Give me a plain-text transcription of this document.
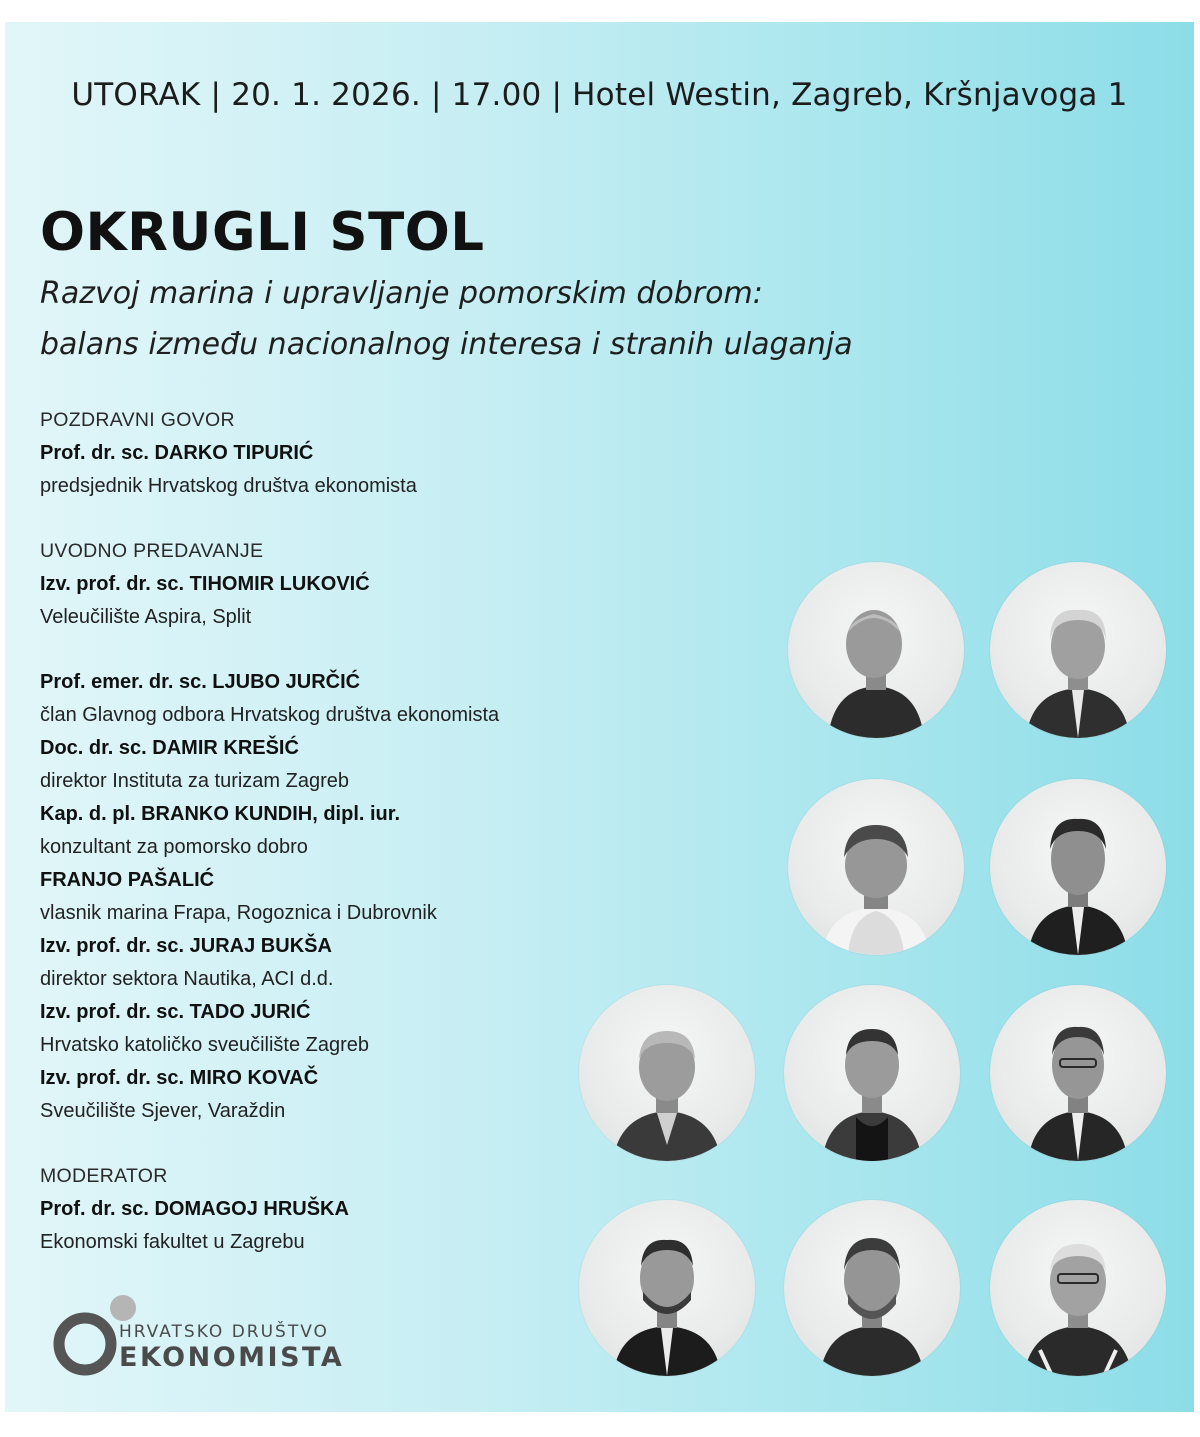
UTORAK | 20. 1. 2026. | 17.00 | Hotel Westin, Zagreb, Kršnjavoga 1
OKRUGLI STOL

Razvoj marina i upravljanje pomorskim dobrom:

balans između nacionalnog interesa i stranih ulaganja

POZDRAVNI GOVOR
Prof. dr. sc. DARKO TIPURIĆ
predsjednik Hrvatskog društva ekonomista
UVODNO PREDAVANJE
Izv. prof. dr. sc. TIHOMIR LUKOVIĆ
Veleučilište Aspira, Split
Prof. emer. dr. sc. LJUBO JURČIĆ
član Glavnog odbora Hrvatskog društva ekonomista
Doc. dr. sc. DAMIR KREŠIĆ
direktor Instituta za turizam Zagreb
Kap. d. pl. BRANKO KUNDIH, dipl. iur.
konzultant za pomorsko dobro
FRANJO PAŠALIĆ
vlasnik marina Frapa, Rogoznica i Dubrovnik
Izv. prof. dr. sc. JURAJ BUKŠA
direktor sektora Nautika, ACI d.d.
Izv. prof. dr. sc. TADO JURIĆ
Hrvatsko katoličko sveučilište Zagreb
Izv. prof. dr. sc. MIRO KOVAČ
Sveučilište Sjever, Varaždin
MODERATOR
Prof. dr. sc. DOMAGOJ HRUŠKA
Ekonomski fakultet u Zagrebu
HRVATSKO DRUŠTVO
EKONOMISTA
